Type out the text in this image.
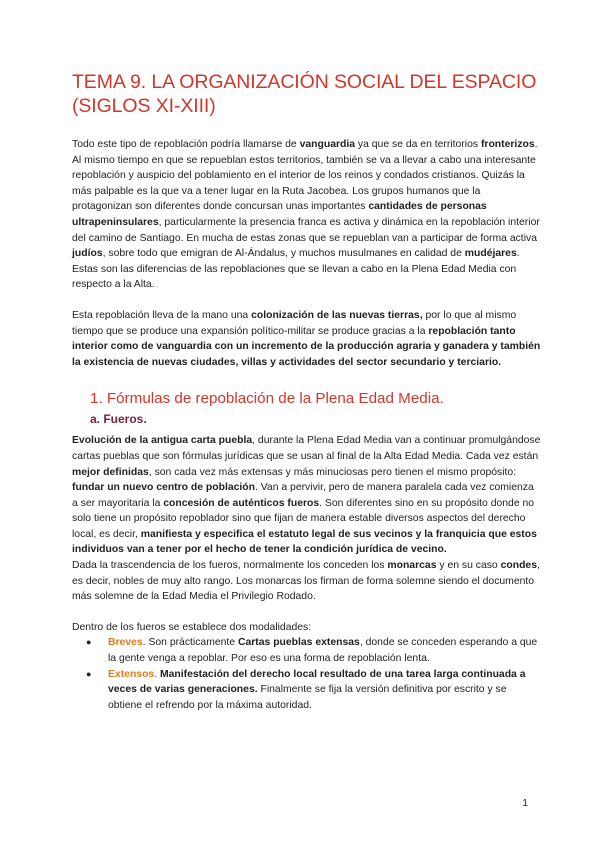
TEMA 9. LA ORGANIZACIÓN SOCIAL DEL ESPACIO (SIGLOS XI-XIII)

Todo este tipo de repoblación podría llamarse de vanguardia ya que se da en territorios fronterizos. Al mismo tiempo en que se repueblan estos territorios, también se va a llevar a cabo una interesante repoblación y auspicio del poblamiento en el interior de los reinos y condados cristianos. Quizás la más palpable es la que va a tener lugar en la Ruta Jacobea. Los grupos humanos que la protagonizan son diferentes donde concursan unas importantes cantidades de personas ultrapeninsulares, particularmente la presencia franca es activa y dinámica en la repoblación interior del camino de Santiago. En mucha de estas zonas que se repueblan van a participar de forma activa judíos, sobre todo que emigran de Al-Ándalus, y muchos musulmanes en calidad de mudéjares.

Estas son las diferencias de las repoblaciones que se llevan a cabo en la Plena Edad Media con respecto a la Alta.

Esta repoblación lleva de la mano una colonización de las nuevas tierras, por lo que al mismo tiempo que se produce una expansión político-militar se produce gracias a la repoblación tanto interior como de vanguardia con un incremento de la producción agraria y ganadera y también la existencia de nuevas ciudades, villas y actividades del sector secundario y terciario.

1. Fórmulas de repoblación de la Plena Edad Media.
a. Fueros.

Evolución de la antigua carta puebla, durante la Plena Edad Media van a continuar promulgándose cartas pueblas que son fórmulas jurídicas que se usan al final de la Alta Edad Media. Cada vez están mejor definidas, son cada vez más extensas y más minuciosas pero tienen el mismo propósito: fundar un nuevo centro de población. Van a pervivir, pero de manera paralela cada vez comienza a ser mayoritaria la concesión de auténticos fueros. Son diferentes sino en su propósito donde no solo tiene un propósito repoblador sino que fijan de manera estable diversos aspectos del derecho local, es decir, manifiesta y especifica el estatuto legal de sus vecinos y la franquicia que estos individuos van a tener por el hecho de tener la condición jurídica de vecino.

Dada la trascendencia de los fueros, normalmente los conceden los monarcas y en su caso condes, es decir, nobles de muy alto rango. Los monarcas los firman de forma solemne siendo el documento más solemne de la Edad Media el Privilegio Rodado.

Dentro de los fueros se establece dos modalidades:

● Breves. Son prácticamente Cartas pueblas extensas, donde se conceden esperando a que la gente venga a repoblar. Por eso es una forma de repoblación lenta.
● Extensos. Manifestación del derecho local resultado de una tarea larga continuada a veces de varias generaciones. Finalmente se fija la versión definitiva por escrito y se obtiene el refrendo por la máxima autoridad.
1
